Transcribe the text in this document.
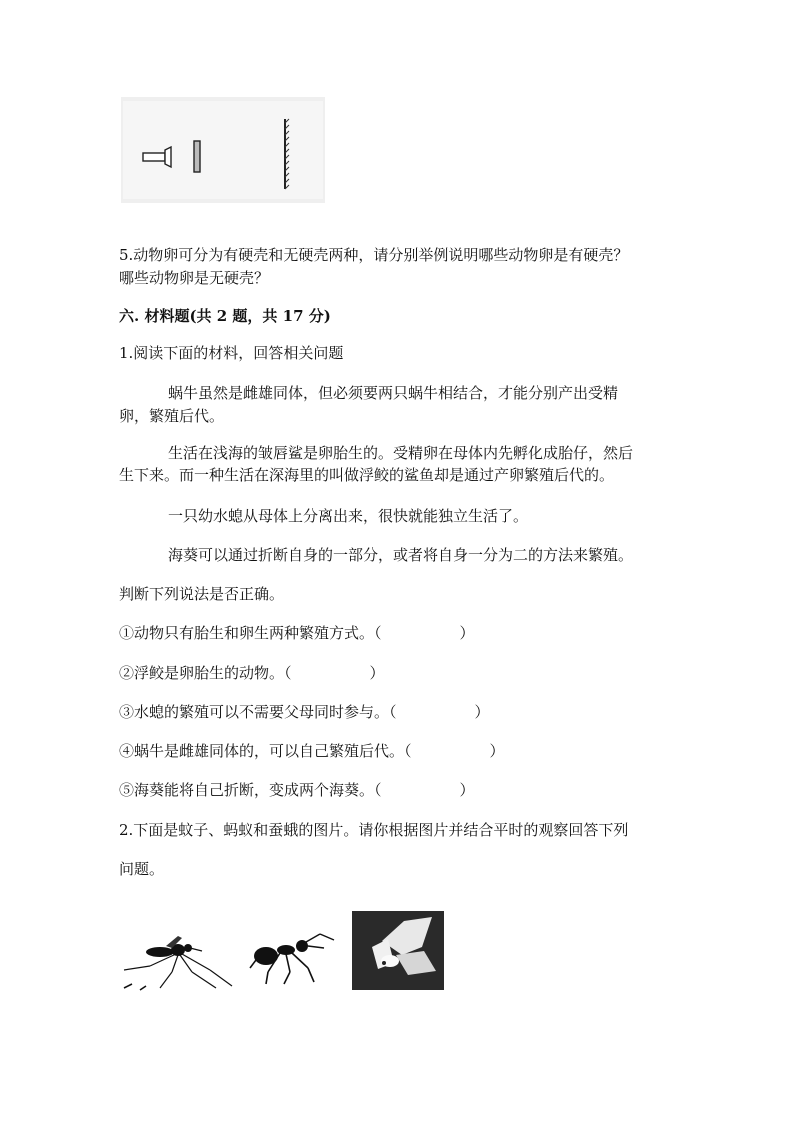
5.动物卵可分为有硬壳和无硬壳两种，请分别举例说明哪些动物卵是有硬壳？
哪些动物卵是无硬壳？
六. 材料题(共 2 题，共 17 分)
1.阅读下面的材料，回答相关问题
蜗牛虽然是雌雄同体，但必须要两只蜗牛相结合，才能分别产出受精
卵，繁殖后代。
生活在浅海的皱唇鲨是卵胎生的。受精卵在母体内先孵化成胎仔，然后
生下来。而一种生活在深海里的叫做浮鲛的鲨鱼却是通过产卵繁殖后代的。
一只幼水螅从母体上分离出来，很快就能独立生活了。
海葵可以通过折断自身的一部分，或者将自身一分为二的方法来繁殖。
判断下列说法是否正确。
①动物只有胎生和卵生两种繁殖方式。（	）
②浮鲛是卵胎生的动物。（	）
③水螅的繁殖可以不需要父母同时参与。（	）
④蜗牛是雌雄同体的，可以自己繁殖后代。（	）
⑤海葵能将自己折断，变成两个海葵。（	）
2.下面是蚊子、蚂蚁和蚕蛾的图片。请你根据图片并结合平时的观察回答下列
问题。
